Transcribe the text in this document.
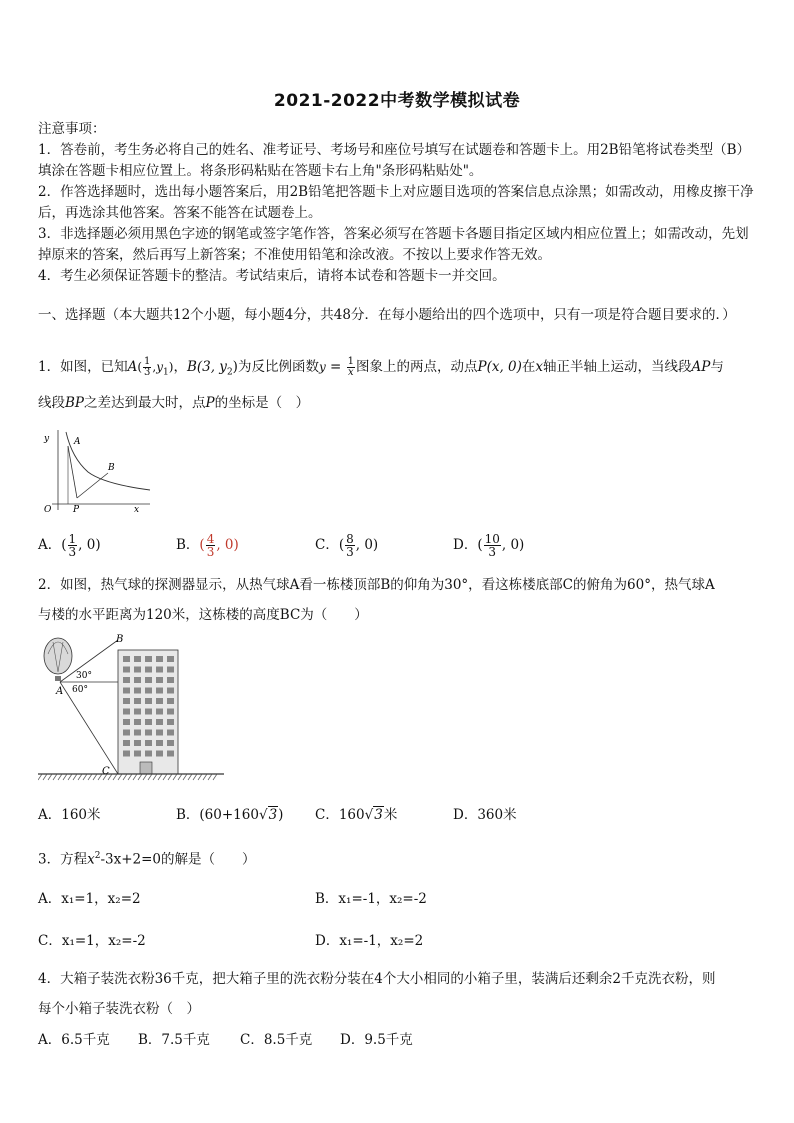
2021-2022中考数学模拟试卷

注意事项：

1．答卷前，考生务必将自己的姓名、准考证号、考场号和座位号填写在试题卷和答题卡上。用2B铅笔将试卷类型（B）填涂在答题卡相应位置上。将条形码粘贴在答题卡右上角"条形码粘贴处"。

2．作答选择题时，选出每小题答案后，用2B铅笔把答题卡上对应题目选项的答案信息点涂黑；如需改动，用橡皮擦干净后，再选涂其他答案。答案不能答在试题卷上。

3．非选择题必须用黑色字迹的钢笔或签字笔作答，答案必须写在答题卡各题目指定区域内相应位置上；如需改动，先划掉原来的答案，然后再写上新答案；不准使用铅笔和涂改液。不按以上要求作答无效。

4．考生必须保证答题卡的整洁。考试结束后，请将本试卷和答题卡一并交回。

一、选择题（本大题共12个小题，每小题4分，共48分．在每小题给出的四个选项中，只有一项是符合题目要求的．）

1．如图，已知$A( \frac{1}{3} ,y_1)$，B(3, $y_2$)为反比例函数$y = \frac{1}{x}$ 图象上的两点，动点P(x, 0)在x轴正半轴上运动，当线段AP与

线段BP之差达到最大时，点P的坐标是（　）

y	A
B
O P	x
A．( $\frac{1}{3}$ , 0)	B．( $\frac{4}{3}$ , 0)	C．( $\frac{8}{3}$ , 0)	D．( $\frac{10}{3}$ , 0)

2．如图，热气球的探测器显示，从热气球A看一栋楼顶部B的仰角为30°，看这栋楼底部C的俯角为60°，热气球A

与楼的水平距离为120米，这栋楼的高度BC为（　　）

B
A
C
30°
60°
A．160米	B．(60+160√3) C．160√3米	D．360米

3．方程$x^2-3x+2=0$的解是（　　）

A．x₁=1，x₂=2	B．x₁=-1，x₂=-2
C．x₁=1，x₂=-2	D．x₁=-1，x₂=2

4．大箱子装洗衣粉36千克，把大箱子里的洗衣粉分装在4个大小相同的小箱子里，装满后还剩余2千克洗衣粉，则

每个小箱子装洗衣粉（　）

A．6.5千克 B．7.5千克 C．8.5千克 D．9.5千克
